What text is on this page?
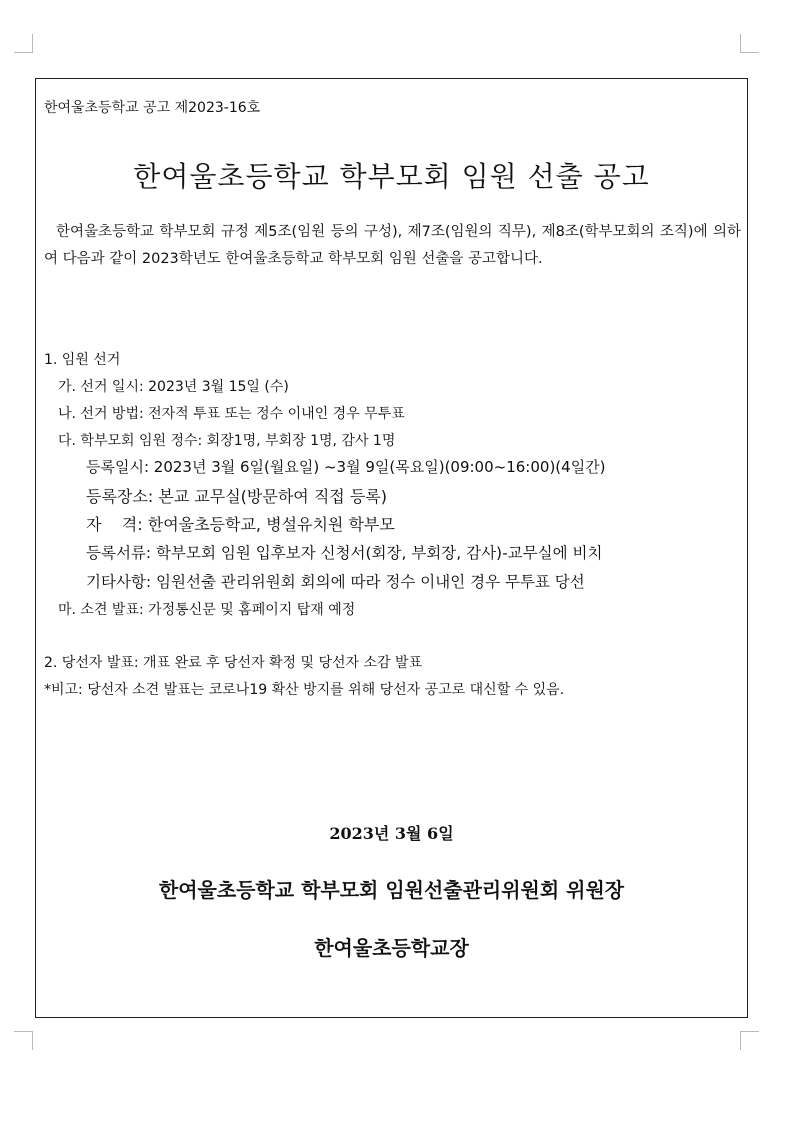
한여울초등학교 공고 제2023-16호
한여울초등학교 학부모회 임원 선출 공고

한여울초등학교 학부모회 규정 제5조(임원 등의 구성), 제7조(임원의 직무), 제8조(학부모회의 조직)에 의하여 다음과 같이 2023학년도 한여울초등학교 학부모회 임원 선출을 공고합니다.

1. 임원 선거
가. 선거 일시: 2023년 3월 15일 (수)
나. 선거 방법: 전자적 투표 또는 정수 이내인 경우 무투표
다. 학부모회 임원 정수: 회장1명, 부회장 1명, 감사 1명
등록일시: 2023년 3월 6일(월요일) ~3월 9일(목요일)(09:00~16:00)(4일간)
등록장소: 본교 교무실(방문하여 직접 등록)
자    격: 한여울초등학교, 병설유치원 학부모
등록서류: 학부모회 임원 입후보자 신청서(회장, 부회장, 감사)-교무실에 비치
기타사항: 임원선출 관리위원회 회의에 따라 정수 이내인 경우 무투표 당선
마. 소견 발표: 가정통신문 및 홈페이지 탑재 예정
2. 당선자 발표: 개표 완료 후 당선자 확정 및 당선자 소감 발표
*비고: 당선자 소견 발표는 코로나19 확산 방지를 위해 당선자 공고로 대신할 수 있음.
2023년 3월 6일
한여울초등학교 학부모회 임원선출관리위원회 위원장
한여울초등학교장
